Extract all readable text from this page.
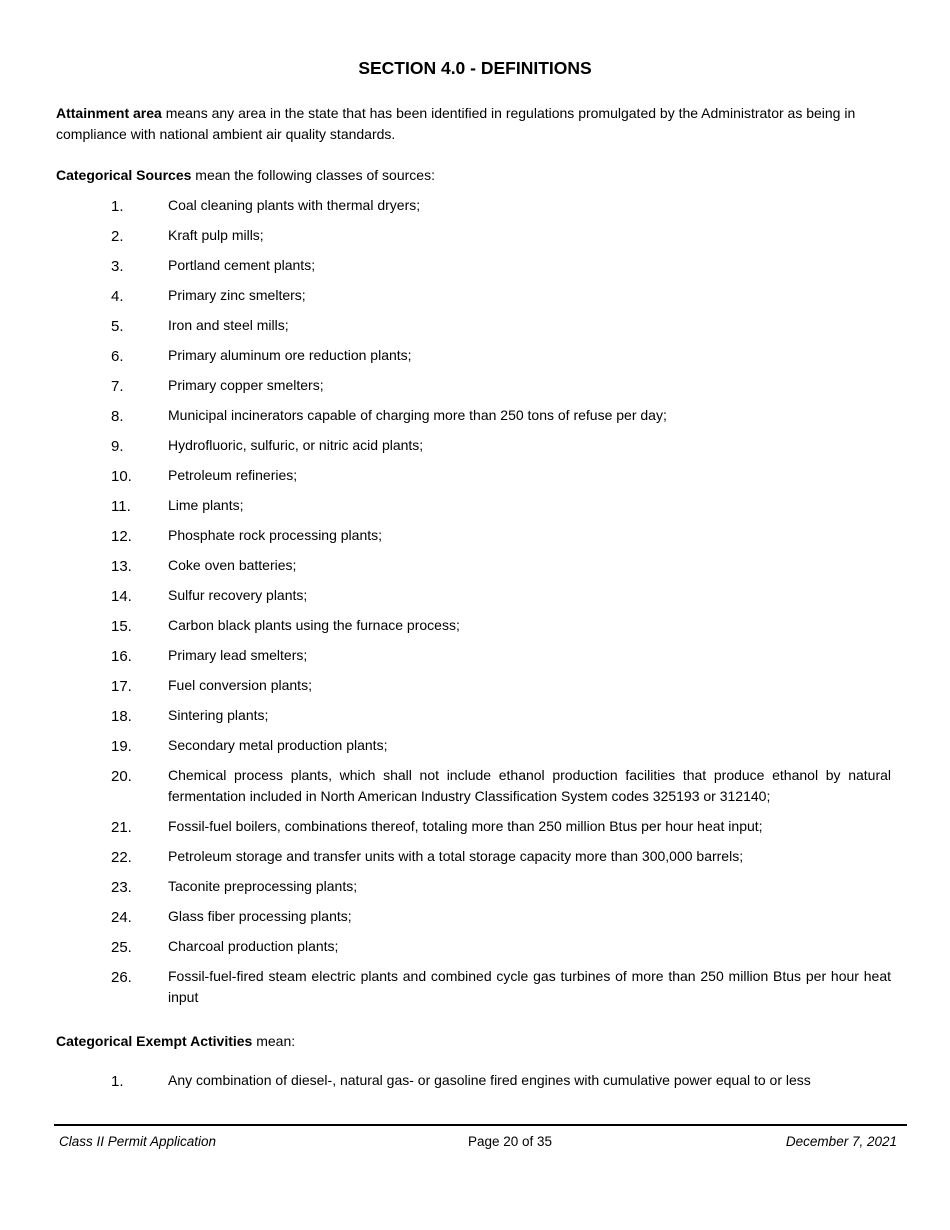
SECTION 4.0 - DEFINITIONS

Attainment area means any area in the state that has been identified in regulations promulgated by the Administrator as being in compliance with national ambient air quality standards.

Categorical Sources mean the following classes of sources:

1.	Coal cleaning plants with thermal dryers;
2.	Kraft pulp mills;
3.	Portland cement plants;
4.	Primary zinc smelters;
5.	Iron and steel mills;
6.	Primary aluminum ore reduction plants;
7.	Primary copper smelters;
8.	Municipal incinerators capable of charging more than 250 tons of refuse per day;
9.	Hydrofluoric, sulfuric, or nitric acid plants;
10.	Petroleum refineries;
11.	Lime plants;
12.	Phosphate rock processing plants;
13.	Coke oven batteries;
14.	Sulfur recovery plants;
15.	Carbon black plants using the furnace process;
16.	Primary lead smelters;
17.	Fuel conversion plants;
18.	Sintering plants;
19.	Secondary metal production plants;
20.	Chemical process plants, which shall not include ethanol production facilities that produce ethanol by natural fermentation included in North American Industry Classification System codes 325193 or 312140;
21.	Fossil-fuel boilers, combinations thereof, totaling more than 250 million Btus per hour heat input;
22.	Petroleum storage and transfer units with a total storage capacity more than 300,000 barrels;
23.	Taconite preprocessing plants;
24.	Glass fiber processing plants;
25.	Charcoal production plants;
26.	Fossil-fuel-fired steam electric plants and combined cycle gas turbines of more than 250 million Btus per hour heat input

Categorical Exempt Activities mean:

1.	Any combination of diesel-, natural gas- or gasoline fired engines with cumulative power equal to or less
Class II Permit Application	Page 20 of 35	December 7, 2021
